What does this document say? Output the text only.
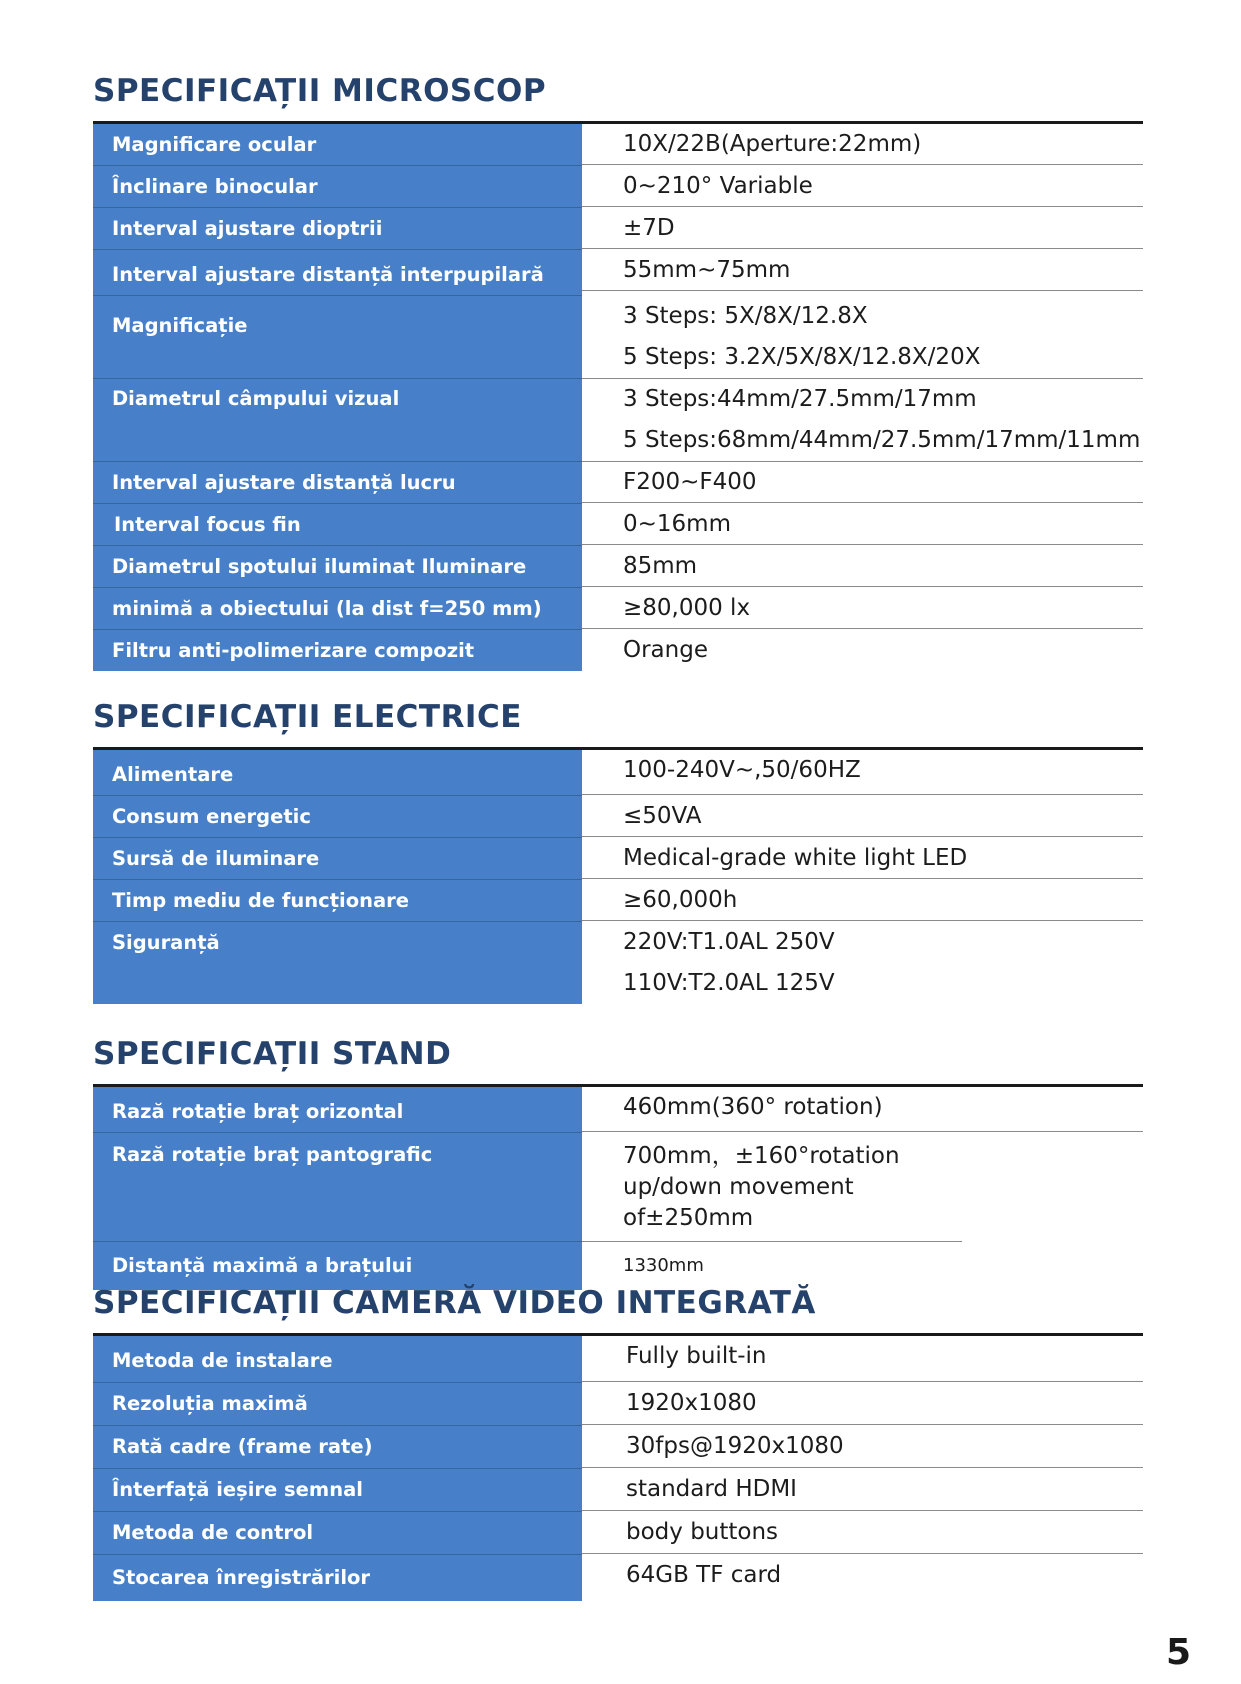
SPECIFICAȚII MICROSCOP
Magnificare ocular	10X/22B(Aperture:22mm)
Înclinare binocular	0~210° Variable
Interval ajustare dioptrii	±7D
Interval ajustare distanță interpupilară	55mm~75mm
Magnificație	3 Steps: 5X/8X/12.8X
5 Steps: 3.2X/5X/8X/12.8X/20X
Diametrul câmpului vizual	3 Steps:44mm/27.5mm/17mm
5 Steps:68mm/44mm/27.5mm/17mm/11mm
Interval ajustare distanță lucru	F200~F400
Interval focus fin	0~16mm
Diametrul spotului iluminat Iluminare	85mm
minimă a obiectului (la dist f=250 mm)	≥80,000 lx
Filtru anti-polimerizare compozit	Orange
SPECIFICAȚII ELECTRICE
Alimentare	100-240V~,50/60HZ
Consum energetic	≤50VA
Sursă de iluminare	Medical-grade white light LED
Timp mediu de funcționare	≥60,000h
Siguranță	220V:T1.0AL 250V
110V:T2.0AL 125V
SPECIFICAȚII STAND
Rază rotație braț orizontal	460mm(360° rotation)
Rază rotație braț pantografic	700mm，±160°rotation up/down movement of±250mm
Distanță maximă a brațului	1330mm
SPECIFICAȚII CAMERĂ VIDEO INTEGRATĂ
Metoda de instalare	Fully built-in
Rezoluția maximă	1920x1080
Rată cadre (frame rate)	30fps@1920x1080
Înterfață ieșire semnal	standard HDMI
Metoda de control	body buttons
Stocarea înregistrărilor	64GB TF card
5
